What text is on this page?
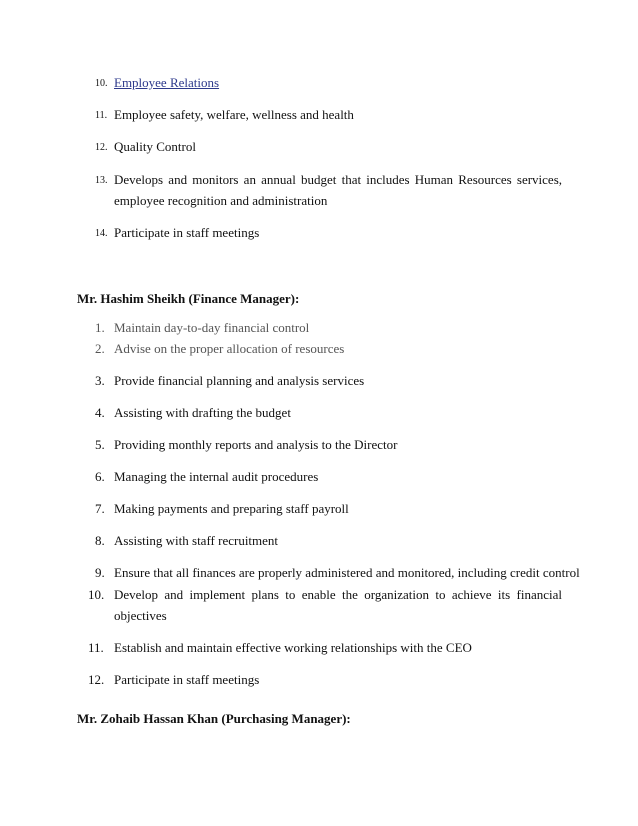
10. Employee Relations
11. Employee safety, welfare, wellness and health
12. Quality Control
13. Develops and monitors an annual budget that includes Human Resources services,
employee recognition and administration
14. Participate in staff meetings
Mr. Hashim Sheikh (Finance Manager):
1. Maintain day-to-day financial control
2. Advise on the proper allocation of resources
3. Provide financial planning and analysis services
4. Assisting with drafting the budget
5. Providing monthly reports and analysis to the Director
6. Managing the internal audit procedures
7. Making payments and preparing staff payroll
8. Assisting with staff recruitment
9. Ensure that all finances are properly administered and monitored, including credit control
10. Develop and implement plans to enable the organization to achieve its financial
objectives
11. Establish and maintain effective working relationships with the CEO
12. Participate in staff meetings
Mr. Zohaib Hassan Khan (Purchasing Manager):
